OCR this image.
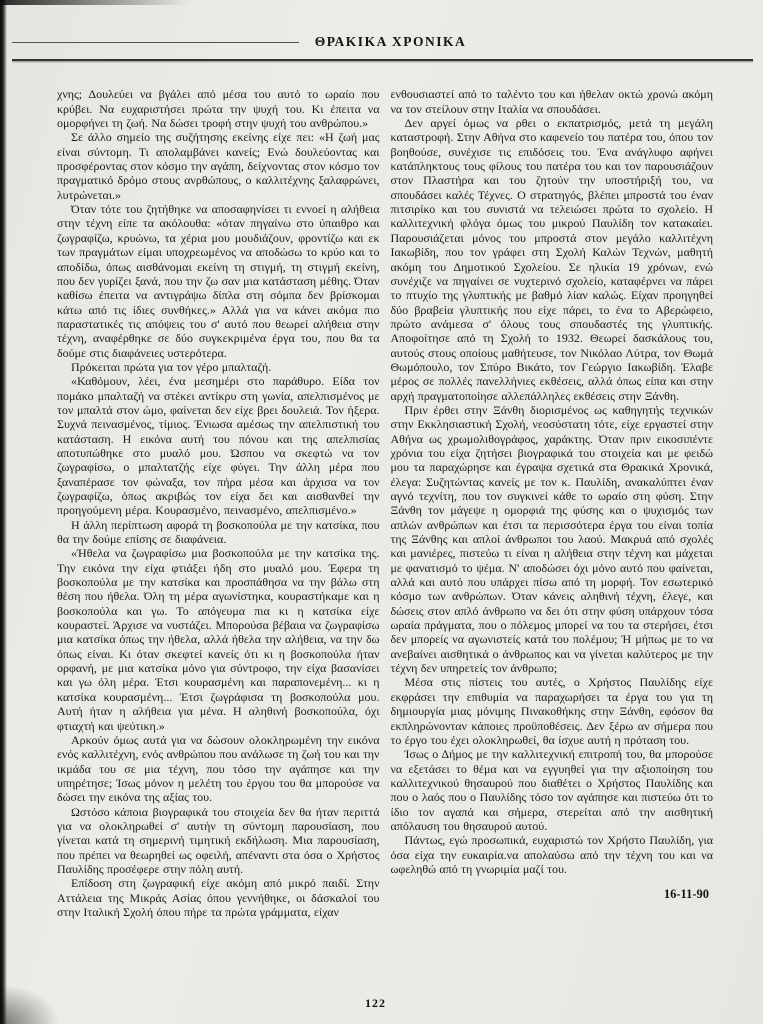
ΘΡΑΚΙΚΑ ΧΡΟΝΙΚΑ

χνης; Δουλεύει να βγάλει από μέσα του αυτό το ωραίο που κρύβει. Να ευχαριστήσει πρώτα την ψυχή του. Κι έπειτα να ομορφήνει τη ζωή. Να δώσει τροφή στην ψυχή του ανθρώπου.»

Σε άλλο σημείο της συζήτησης εκείνης είχε πει: «Η ζωή μας είναι σύντομη. Τι απολαμβάνει κανείς; Ενώ δουλεύοντας και προσφέροντας στον κόσμο την αγάπη, δείχνοντας στον κόσμο τον πραγματικό δρόμο στους ανρθώπους, ο καλλιτέχνης ξαλαφρώνει, λυτρώνεται.»

Όταν τότε του ζητήθηκε να αποσαφηνίσει τι εννοεί η αλήθεια στην τέχνη είπε τα ακόλουθα: «όταν πηγαίνω στο ύπαιθρο και ζωγραφίζω, κρυώνω, τα χέρια μου μουδιάζουν, φροντίζω και εκ των πραγμάτων είμαι υποχρεωμένος να αποδώσω το κρύο και το αποδίδω, όπως αισθάνομαι εκείνη τη στιγμή, τη στιγμή εκείνη, που δεν γυρίζει ξανά, που την ζω σαν μια κατάσταση μέθης. Όταν καθίσω έπειτα να αντιγράψω δίπλα στη σόμπα δεν βρίσκομαι κάτω από τις ίδιες συνθήκες.» Αλλά για να κάνει ακόμα πιο παραστατικές τις απόψεις του σ' αυτό που θεωρεί αλήθεια στην τέχνη, αναφέρθηκε σε δύο συγκεκριμένα έργα του, που θα τα δούμε στις διαφάνειες υστερότερα.

Πρόκειται πρώτα για τον γέρο μπαλταζή.

«Καθόμουν, λέει, ένα μεσημέρι στο παράθυρο. Είδα τον πομάκο μπαλταζή να στέκει αντίκρυ στη γωνία, απελπισμένος με τον μπαλτά στον ώμο, φαίνεται δεν είχε βρει δουλειά. Τον ήξερα. Συχνά πεινασμένος, τίμιος. Ένιωσα αμέσως την απελπιστική του κατάσταση. Η εικόνα αυτή του πόνου και της απελπισίας αποτυπώθηκε στο μυαλό μου. Ώσπου να σκεφτώ να τον ζωγραφίσω, ο μπαλτατζής είχε φύγει. Την άλλη μέρα που ξαναπέρασε τον φώναξα, τον πήρα μέσα και άρχισα να τον ζωγραφίζω, όπως ακριβώς τον είχα δει και αισθανθεί την προηγούμενη μέρα. Κουρασμένο, πεινασμένο, απελπισμένο.»

Η άλλη περίπτωση αφορά τη βοσκοπούλα με την κατσίκα, που θα την δούμε επίσης σε διαφάνεια.

«Ήθελα να ζωγραφίσω μια βοσκοπούλα με την κατσίκα της. Την εικόνα την είχα φτιάξει ήδη στο μυαλό μου. Έφερα τη βοσκοπούλα με την κατσίκα και προσπάθησα να την βάλω στη θέση που ήθελα. Όλη τη μέρα αγωνίστηκα, κουραστήκαμε και η βοσκοπούλα και γω. Το απόγευμα πια κι η κατσίκα είχε κουραστεί. Άρχισε να νυστάζει. Μπορούσα βέβαια να ζωγραφίσω μια κατσίκα όπως την ήθελα, αλλά ήθελα την αλήθεια, να την δω όπως είναι. Κι όταν σκεφτεί κανείς ότι κι η βοσκοπούλα ήταν ορφανή, με μια κατσίκα μόνο για σύντροφο, την είχα βασανίσει και γω όλη μέρα. Έτσι κουρασμένη και παραπονεμένη... κι η κατσίκα κουρασμένη... Έτσι ζωγράφισα τη βοσκοπούλα μου. Αυτή ήταν η αλήθεια για μένα. Η αληθινή βοσκοπούλα, όχι φτιαχτή και ψεύτικη.»

Αρκούν όμως αυτά για να δώσουν ολοκληρωμένη την εικόνα ενός καλλιτέχνη, ενός ανθρώπου που ανάλωσε τη ζωή του και την ικμάδα του σε μια τέχνη, που τόσο την αγάπησε και την υπηρέτησε; Ίσως μόνον η μελέτη του έργου του θα μπορούσε να δώσει την εικόνα της αξίας του.

Ωστόσο κάποια βιογραφικά του στοιχεία δεν θα ήταν περιττά για να ολοκληρωθεί σ' αυτήν τη σύντομη παρουσίαση, που γίνεται κατά τη σημερινή τιμητική εκδήλωση. Μια παρουσίαση, που πρέπει να θεωρηθεί ως οφειλή, απέναντι στα όσα ο Χρήστος Παυλίδης προσέφερε στην πόλη αυτή.

Επίδοση στη ζωγραφική είχε ακόμη από μικρό παιδί. Στην Αττάλεια της Μικράς Ασίας όπου γεννήθηκε, οι δάσκαλοί του στην Ιταλική Σχολή όπου πήρε τα πρώτα γράμματα, είχαν

ενθουσιαστεί από το ταλέντο του και ήθελαν οκτώ χρονώ ακόμη να τον στείλουν στην Ιταλία να σπουδάσει.

Δεν αργεί όμως να ρθει ο εκπατρισμός, μετά τη μεγάλη καταστροφή. Στην Αθήνα στο καφενείο του πατέρα του, όπου τον βοηθούσε, συνέχισε τις επιδόσεις του. Ένα ανάγλυφο αφήνει κατάπληκτους τους φίλους του πατέρα του και τον παρουσιάζουν στον Πλαστήρα και του ζητούν την υποστήριξή του, να σπουδάσει καλές Τέχνες. Ο στρατηγός, βλέπει μπροστά του έναν πιτσιρίκο και του συνιστά να τελειώσει πρώτα το σχολείο. Η καλλιτεχνική φλόγα όμως του μικρού Παυλίδη τον κατακαίει. Παρουσιάζεται μόνος του μπροστά στον μεγάλο καλλιτέχνη Ιακωβίδη, που τον γράφει στη Σχολή Καλών Τεχνών, μαθητή ακόμη του Δημοτικού Σχολείου. Σε ηλικία 19 χρόνων, ενώ συνέχιζε να πηγαίνει σε νυχτερινό σχολείο, καταφέρνει να πάρει το πτυχίο της γλυπτικής με βαθμό λίαν καλώς. Είχαν προηγηθεί δύο βραβεία γλυπτικής που είχε πάρει, το ένα το Αβερώφειο, πρώτο ανάμεσα σ' όλους τους σπουδαστές της γλυπτικής. Αποφοίτησε από τη Σχολή το 1932. Θεωρεί δασκάλους του, αυτούς στους οποίους μαθήτευσε, τον Νικόλαο Λύτρα, τον Θωμά Θωμόπουλο, τον Σπύρο Βικάτο, τον Γεώργιο Ιακωβίδη. Έλαβε μέρος σε πολλές πανελλήνιες εκθέσεις, αλλά όπως είπα και στην αρχή πραγματοποίησε αλλεπάλληλες εκθέσεις στην Ξάνθη.

Πριν έρθει στην Ξάνθη διορισμένος ως καθηγητής τεχνικών στην Εκκλησιαστική Σχολή, νεοσύστατη τότε, είχε εργαστεί στην Αθήνα ως χρωμολιθογράφος, χαράκτης. Όταν πριν εικοσιπέντε χρόνια του είχα ζητήσει βιογραφικά του στοιχεία και με φειδώ μου τα παραχώρησε και έγραψα σχετικά στα Θρακικά Χρονικά, έλεγα: Συζητώντας κανείς με τον κ. Παυλίδη, ανακαλύπτει έναν αγνό τεχνίτη, που τον συγκινεί κάθε το ωραίο στη φύση. Στην Ξάνθη τον μάγεψε η ομορφιά της φύσης και ο ψυχισμός των απλών ανθρώπων και έτσι τα περισσότερα έργα του είναι τοπία της Ξάνθης και απλοί άνθρωποι του λαού. Μακρυά από σχολές και μανιέρες, πιστεύω τι είναι η αλήθεια στην τέχνη και μάχεται με φανατισμό το ψέμα. Ν' αποδώσει όχι μόνο αυτό που φαίνεται, αλλά και αυτό που υπάρχει πίσω από τη μορφή. Τον εσωτερικό κόσμο των ανθρώπων. Όταν κάνεις αληθινή τέχνη, έλεγε, και δώσεις στον απλό άνθρωπο να δει ότι στην φύση υπάρχουν τόσα ωραία πράγματα, που ο πόλεμος μπορεί να του τα στερήσει, έτσι δεν μπορείς να αγωνιστείς κατά του πολέμου; Ή μήπως με το να ανεβαίνει αισθητικά ο άνθρωπος και να γίνεται καλύτερος με την τέχνη δεν υπηρετείς τον άνθρωπο;

Μέσα στις πίστεις του αυτές, ο Χρήστος Παυλίδης είχε εκφράσει την επιθυμία να παραχωρήσει τα έργα του για τη δημιουργία μιας μόνιμης Πινακοθήκης στην Ξάνθη, εφόσον θα εκπληρώνονταν κάποιες προϋποθέσεις. Δεν ξέρω αν σήμερα που το έργο του έχει ολοκληρωθεί, θα ίσχυε αυτή η πρόταση του.

Ίσως ο Δήμος με την καλλιτεχνική επιτροπή του, θα μπορούσε να εξετάσει το θέμα και να εγγυηθεί για την αξιοποίηση του καλλιτεχνικού θησαυρού που διαθέτει ο Χρήστος Παυλίδης και που ο λαός που ο Παυλίδης τόσο τον αγάπησε και πιστεύω ότι το ίδιο τον αγαπά και σήμερα, στερείται από την αισθητική απόλαυση του θησαυρού αυτού.

Πάντως, εγώ προσωπικά, ευχαριστώ τον Χρήστο Παυλίδη, για όσα είχα την ευκαιρία.να απολαύσω από την τέχνη του και να ωφεληθώ από τη γνωριμία μαζί του.

16-11-90
122
